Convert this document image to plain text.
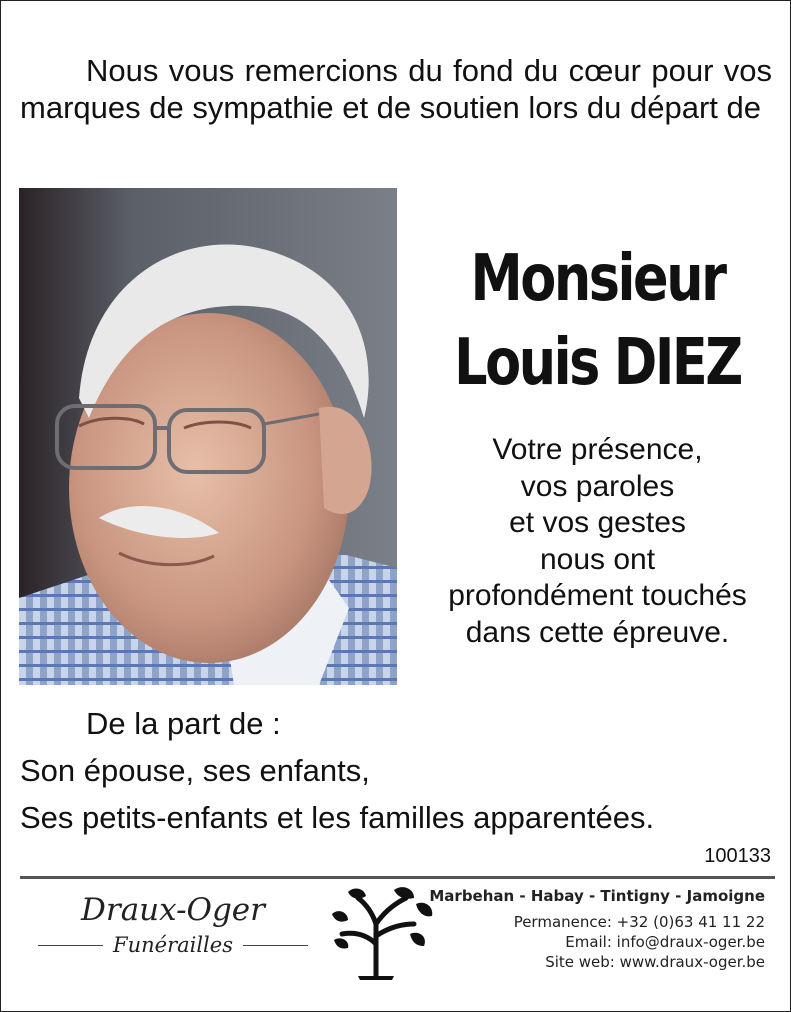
Nous vous remercions du fond du cœur pour vos marques de sympathie et de soutien lors du départ de

Monsieur
Louis DIEZ
Votre présence,
vos paroles
et vos gestes
nous ont
profondément touchés
dans cette épreuve.
De la part de :
Son épouse, ses enfants,
Ses petits-enfants et les familles apparentées.
100133
Draux-Oger
Funérailles
Marbehan - Habay - Tintigny - Jamoigne
Permanence: +32 (0)63 41 11 22
Email: info@draux-oger.be
Site web: www.draux-oger.be
